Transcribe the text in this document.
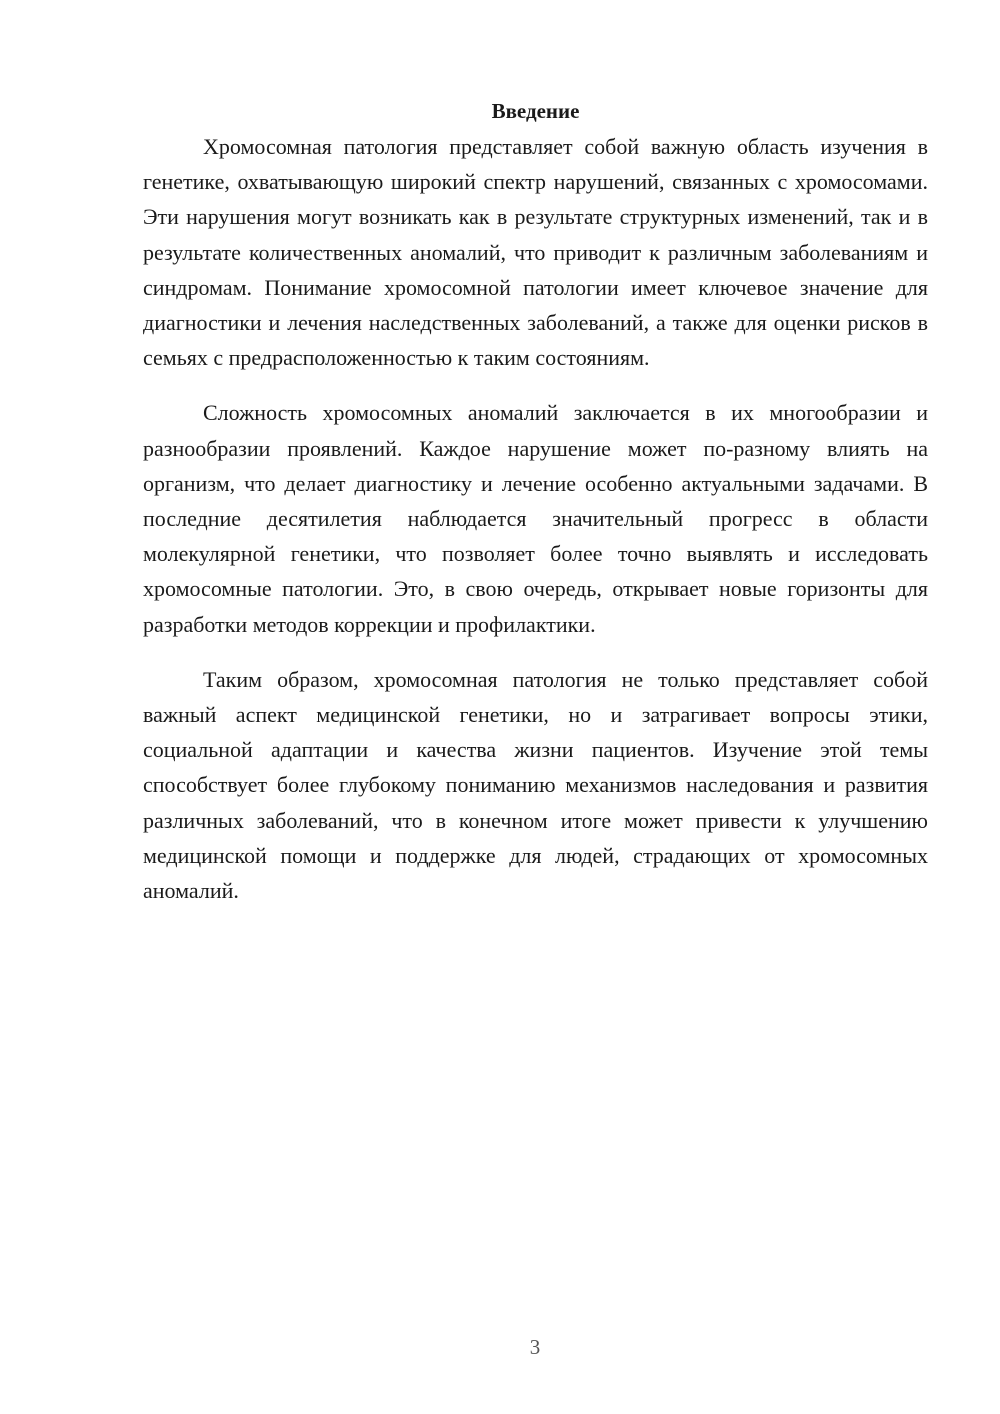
Введение

Хромосомная патология представляет собой важную область изучения в генетике, охватывающую широкий спектр нарушений, связанных с хромосомами. Эти нарушения могут возникать как в результате структурных изменений, так и в результате количественных аномалий, что приводит к различным заболеваниям и синдромам. Понимание хромосомной патологии имеет ключевое значение для диагностики и лечения наследственных заболеваний, а также для оценки рисков в семьях с предрасположенностью к таким состояниям.

Сложность хромосомных аномалий заключается в их многообразии и разнообразии проявлений. Каждое нарушение может по-разному влиять на организм, что делает диагностику и лечение особенно актуальными задачами. В последние десятилетия наблюдается значительный прогресс в области молекулярной генетики, что позволяет более точно выявлять и исследовать хромосомные патологии. Это, в свою очередь, открывает новые горизонты для разработки методов коррекции и профилактики.

Таким образом, хромосомная патология не только представляет собой важный аспект медицинской генетики, но и затрагивает вопросы этики, социальной адаптации и качества жизни пациентов. Изучение этой темы способствует более глубокому пониманию механизмов наследования и развития различных заболеваний, что в конечном итоге может привести к улучшению медицинской помощи и поддержке для людей, страдающих от хромосомных аномалий.

3
